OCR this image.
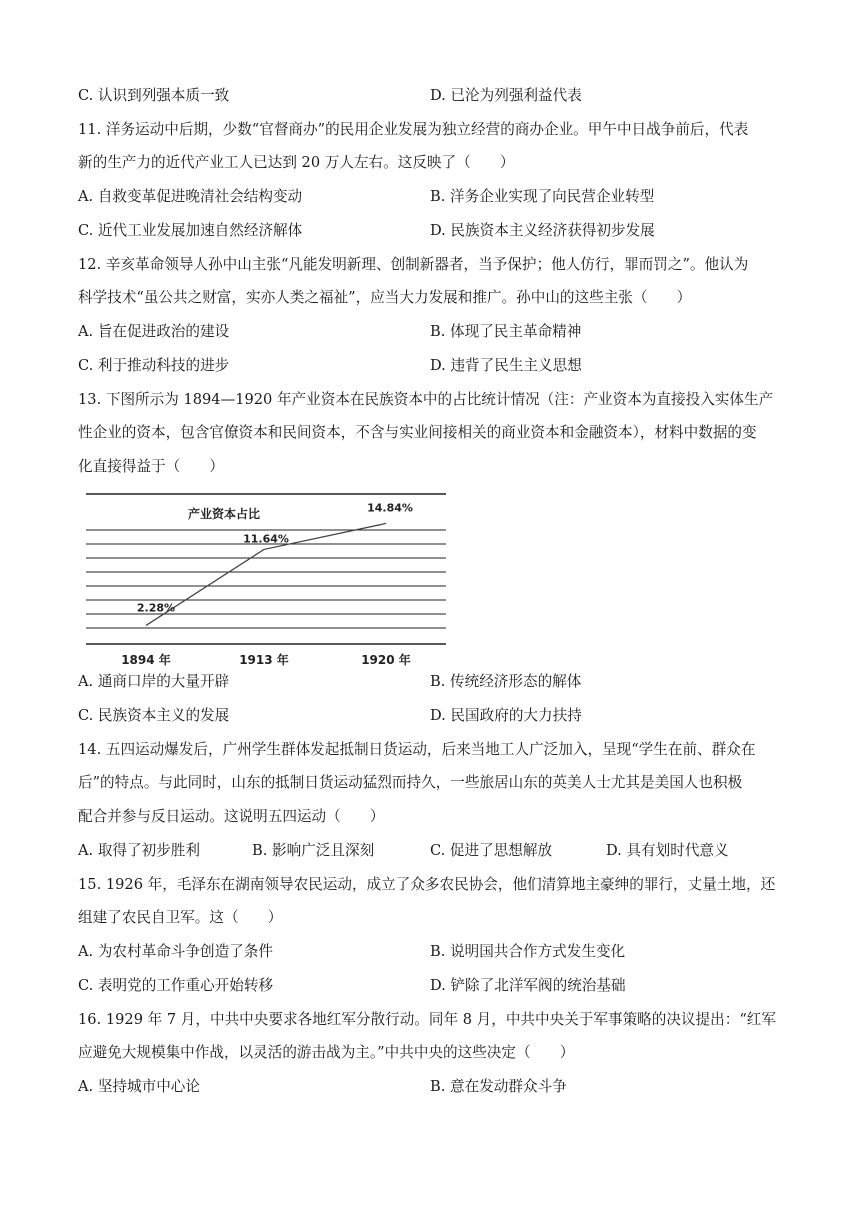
C. 认识到列强本质一致	D. 已沦为列强利益代表
11. 洋务运动中后期，少数“官督商办”的民用企业发展为独立经营的商办企业。甲午中日战争前后，代表
新的生产力的近代产业工人已达到 20 万人左右。这反映了（　　）
A. 自救变革促进晚清社会结构变动	B. 洋务企业实现了向民营企业转型
C. 近代工业发展加速自然经济解体	D. 民族资本主义经济获得初步发展
12. 辛亥革命领导人孙中山主张“凡能发明新理、创制新器者，当予保护；他人仿行，罪而罚之”。他认为
科学技术“虽公共之财富，实亦人类之福祉”，应当大力发展和推广。孙中山的这些主张（　　）
A. 旨在促进政治的建设	B. 体现了民主革命精神
C. 利于推动科技的进步	D. 违背了民生主义思想
13. 下图所示为 1894—1920 年产业资本在民族资本中的占比统计情况（注：产业资本为直接投入实体生产
性企业的资本，包含官僚资本和民间资本，不含与实业间接相关的商业资本和金融资本），材料中数据的变
化直接得益于（　　）
产业资本占比
2.28%
11.64%
14.84%
1894 年	1913 年	1920 年
A. 通商口岸的大量开辟	B. 传统经济形态的解体
C. 民族资本主义的发展	D. 民国政府的大力扶持
14. 五四运动爆发后，广州学生群体发起抵制日货运动，后来当地工人广泛加入，呈现“学生在前、群众在
后”的特点。与此同时，山东的抵制日货运动猛烈而持久，一些旅居山东的英美人士尤其是美国人也积极
配合并参与反日运动。这说明五四运动（　　）
A. 取得了初步胜利	B. 影响广泛且深刻	C. 促进了思想解放	D. 具有划时代意义
15. 1926 年，毛泽东在湖南领导农民运动，成立了众多农民协会，他们清算地主豪绅的罪行，丈量土地，还
组建了农民自卫军。这（　　）
A. 为农村革命斗争创造了条件	B. 说明国共合作方式发生变化
C. 表明党的工作重心开始转移	D. 铲除了北洋军阀的统治基础
16. 1929 年 7 月，中共中央要求各地红军分散行动。同年 8 月，中共中央关于军事策略的决议提出：“红军
应避免大规模集中作战，以灵活的游击战为主。”中共中央的这些决定（　　）
A. 坚持城市中心论	B. 意在发动群众斗争
